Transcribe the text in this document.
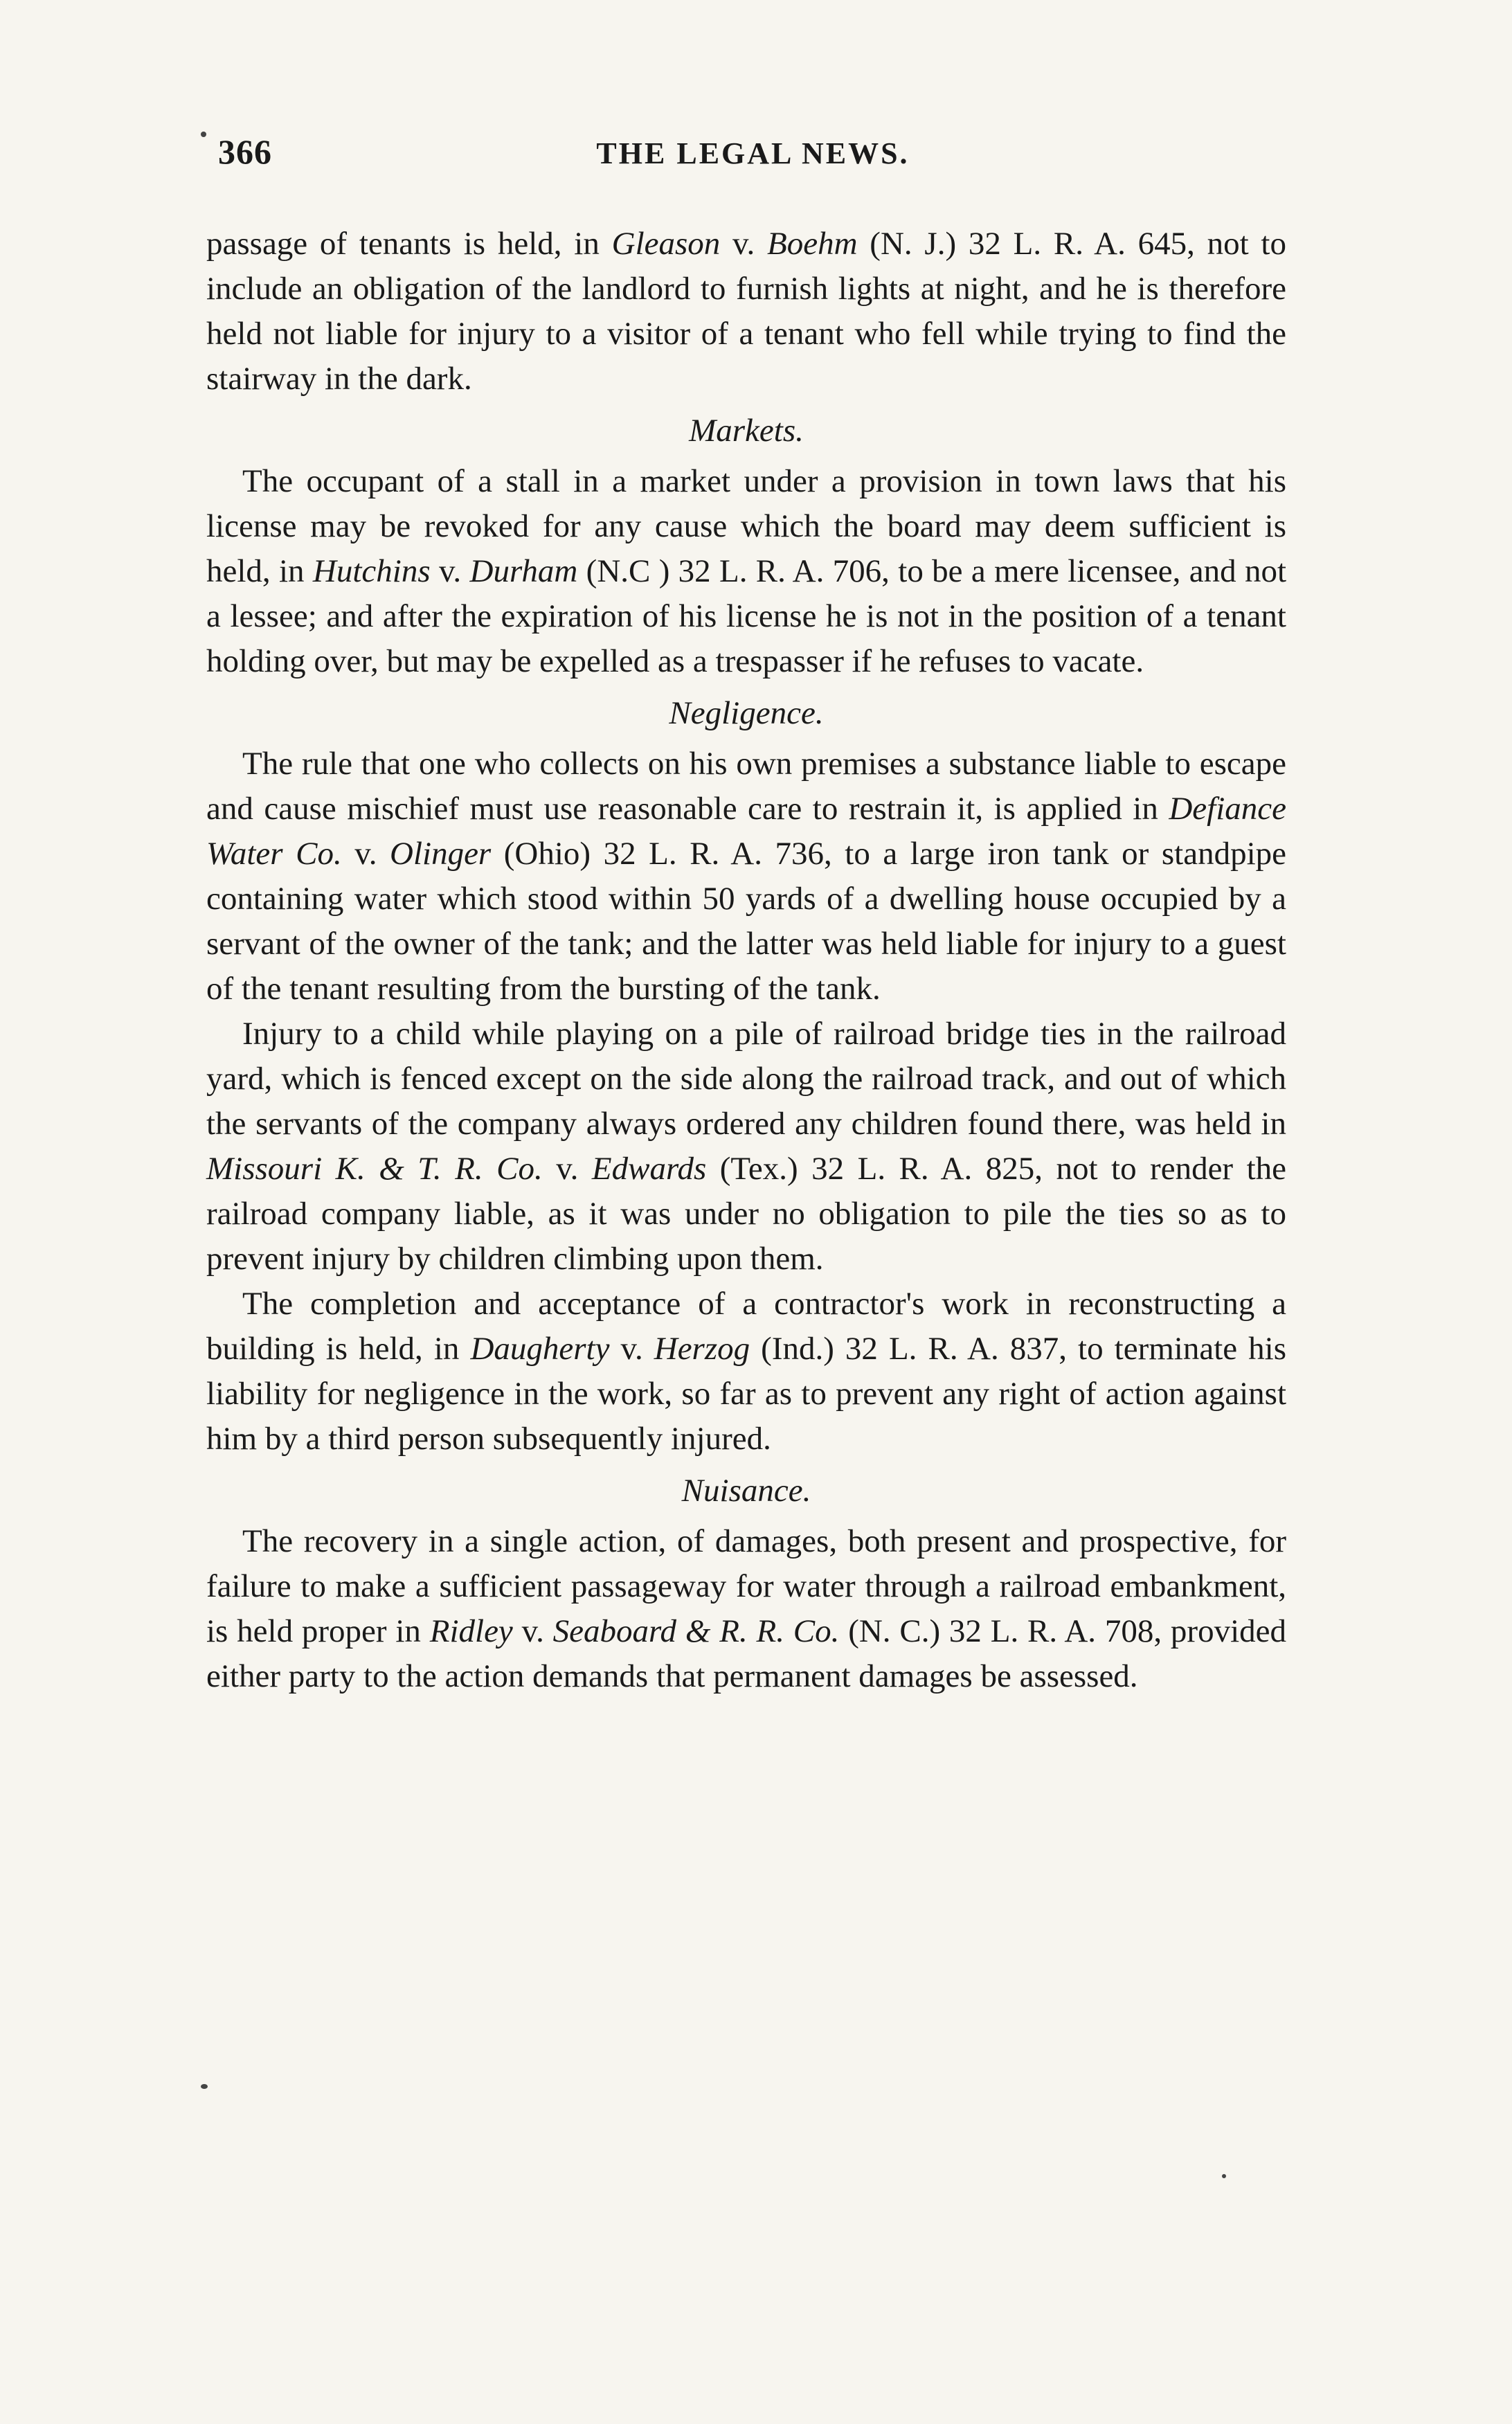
366	THE LEGAL NEWS.

passage of tenants is held, in Gleason v. Boehm (N. J.) 32 L. R. A. 645, not to include an obligation of the landlord to furnish lights at night, and he is therefore held not liable for injury to a visitor of a tenant who fell while trying to find the stairway in the dark.

Markets.

The occupant of a stall in a market under a provision in town laws that his license may be revoked for any cause which the board may deem sufficient is held, in Hutchins v. Durham (N.C ) 32 L. R. A. 706, to be a mere licensee, and not a lessee; and after the expiration of his license he is not in the position of a tenant holding over, but may be expelled as a trespasser if he refuses to vacate.

Negligence.

The rule that one who collects on his own premises a substance liable to escape and cause mischief must use reasonable care to restrain it, is applied in Defiance Water Co. v. Olinger (Ohio) 32 L. R. A. 736, to a large iron tank or standpipe containing water which stood within 50 yards of a dwelling house occupied by a servant of the owner of the tank; and the latter was held liable for injury to a guest of the tenant resulting from the bursting of the tank.

Injury to a child while playing on a pile of railroad bridge ties in the railroad yard, which is fenced except on the side along the railroad track, and out of which the servants of the company always ordered any children found there, was held in Missouri K. & T. R. Co. v. Edwards (Tex.) 32 L. R. A. 825, not to render the railroad company liable, as it was under no obligation to pile the ties so as to prevent injury by children climbing upon them.

The completion and acceptance of a contractor's work in reconstructing a building is held, in Daugherty v. Herzog (Ind.) 32 L. R. A. 837, to terminate his liability for negligence in the work, so far as to prevent any right of action against him by a third person subsequently injured.

Nuisance.

The recovery in a single action, of damages, both present and prospective, for failure to make a sufficient passageway for water through a railroad embankment, is held proper in Ridley v. Seaboard & R. R. Co. (N. C.) 32 L. R. A. 708, provided either party to the action demands that permanent damages be assessed.
